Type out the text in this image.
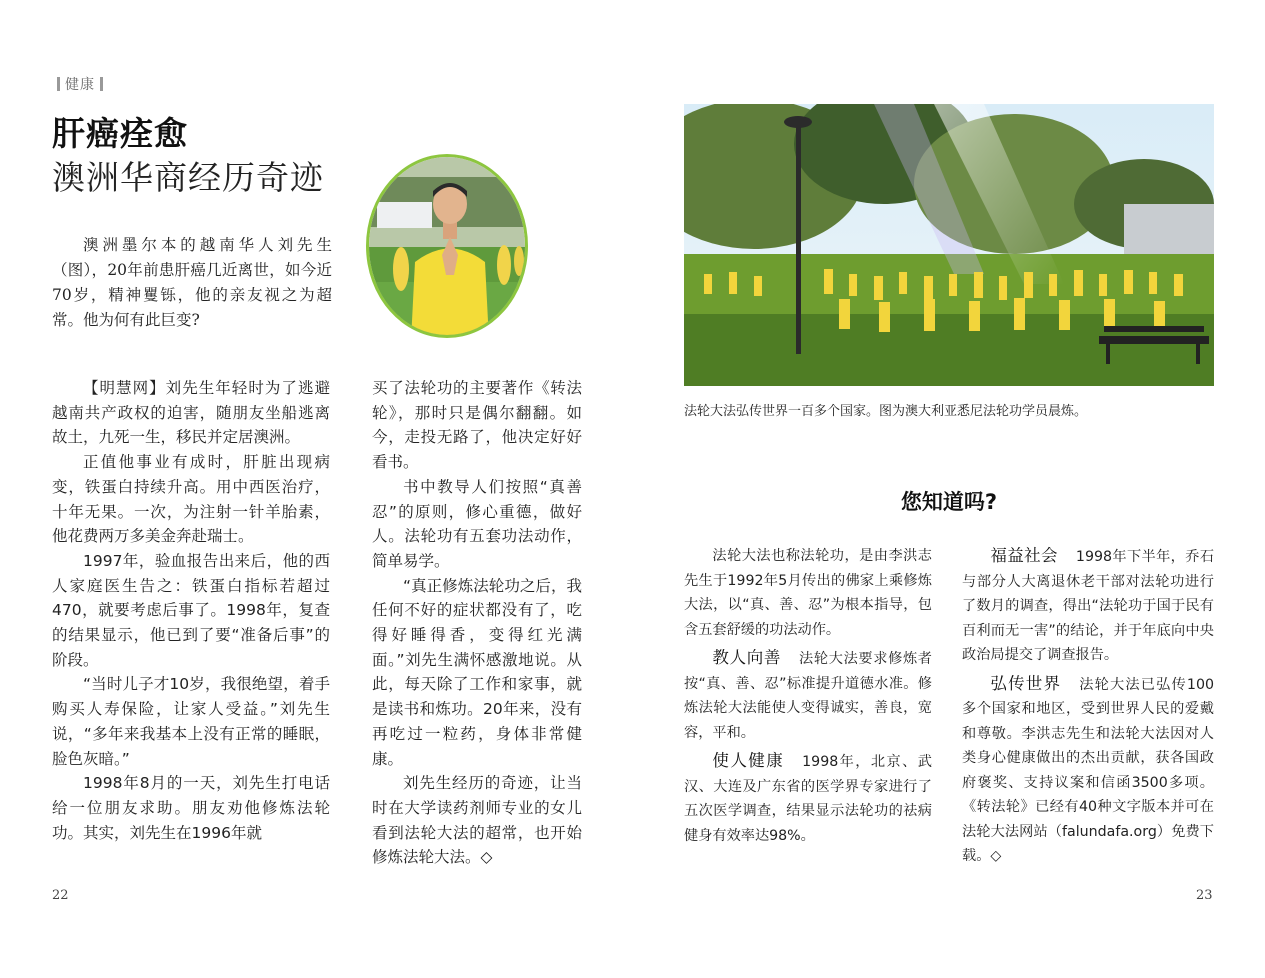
健康
肝癌痊愈
澳洲华商经历奇迹
澳洲墨尔本的越南华人刘先生（图），20年前患肝癌几近离世，如今近70岁，精神矍铄，他的亲友视之为超常。他为何有此巨变?

【明慧网】刘先生年轻时为了逃避越南共产政权的迫害，随朋友坐船逃离故土，九死一生，移民并定居澳洲。

正值他事业有成时，肝脏出现病变，铁蛋白持续升高。用中西医治疗，十年无果。一次，为注射一针羊胎素，他花费两万多美金奔赴瑞士。

1997年，验血报告出来后，他的西人家庭医生告之：铁蛋白指标若超过470，就要考虑后事了。1998年，复查的结果显示，他已到了要“准备后事”的阶段。

“当时儿子才10岁，我很绝望，着手购买人寿保险，让家人受益。”刘先生说，“多年来我基本上没有正常的睡眠，脸色灰暗。”

1998年8月的一天，刘先生打电话给一位朋友求助。朋友劝他修炼法轮功。其实，刘先生在1996年就

买了法轮功的主要著作《转法轮》，那时只是偶尔翻翻。如今，走投无路了，他决定好好看书。

书中教导人们按照“真善忍”的原则，修心重德，做好人。法轮功有五套功法动作，简单易学。

“真正修炼法轮功之后，我任何不好的症状都没有了，吃得好睡得香，变得红光满面。”刘先生满怀感激地说。从此，每天除了工作和家事，就是读书和炼功。20年来，没有再吃过一粒药，身体非常健康。

刘先生经历的奇迹，让当时在大学读药剂师专业的女儿看到法轮大法的超常，也开始修炼法轮大法。◇

22
法轮大法弘传世界一百多个国家。图为澳大利亚悉尼法轮功学员晨炼。
您知道吗?

法轮大法也称法轮功，是由李洪志先生于1992年5月传出的佛家上乘修炼大法，以“真、善、忍”为根本指导，包含五套舒缓的功法动作。

教人向善 法轮大法要求修炼者按“真、善、忍”标准提升道德水准。修炼法轮大法能使人变得诚实，善良，宽容，平和。

使人健康 1998年，北京、武汉、大连及广东省的医学界专家进行了五次医学调查，结果显示法轮功的祛病健身有效率达98%。

福益社会 1998年下半年，乔石与部分人大离退休老干部对法轮功进行了数月的调查，得出“法轮功于国于民有百利而无一害”的结论，并于年底向中央政治局提交了调查报告。

弘传世界 法轮大法已弘传100多个国家和地区，受到世界人民的爱戴和尊敬。李洪志先生和法轮大法因对人类身心健康做出的杰出贡献，获各国政府褒奖、支持议案和信函3500多项。《转法轮》已经有40种文字版本并可在法轮大法网站（falundafa.org）免费下载。◇

23
